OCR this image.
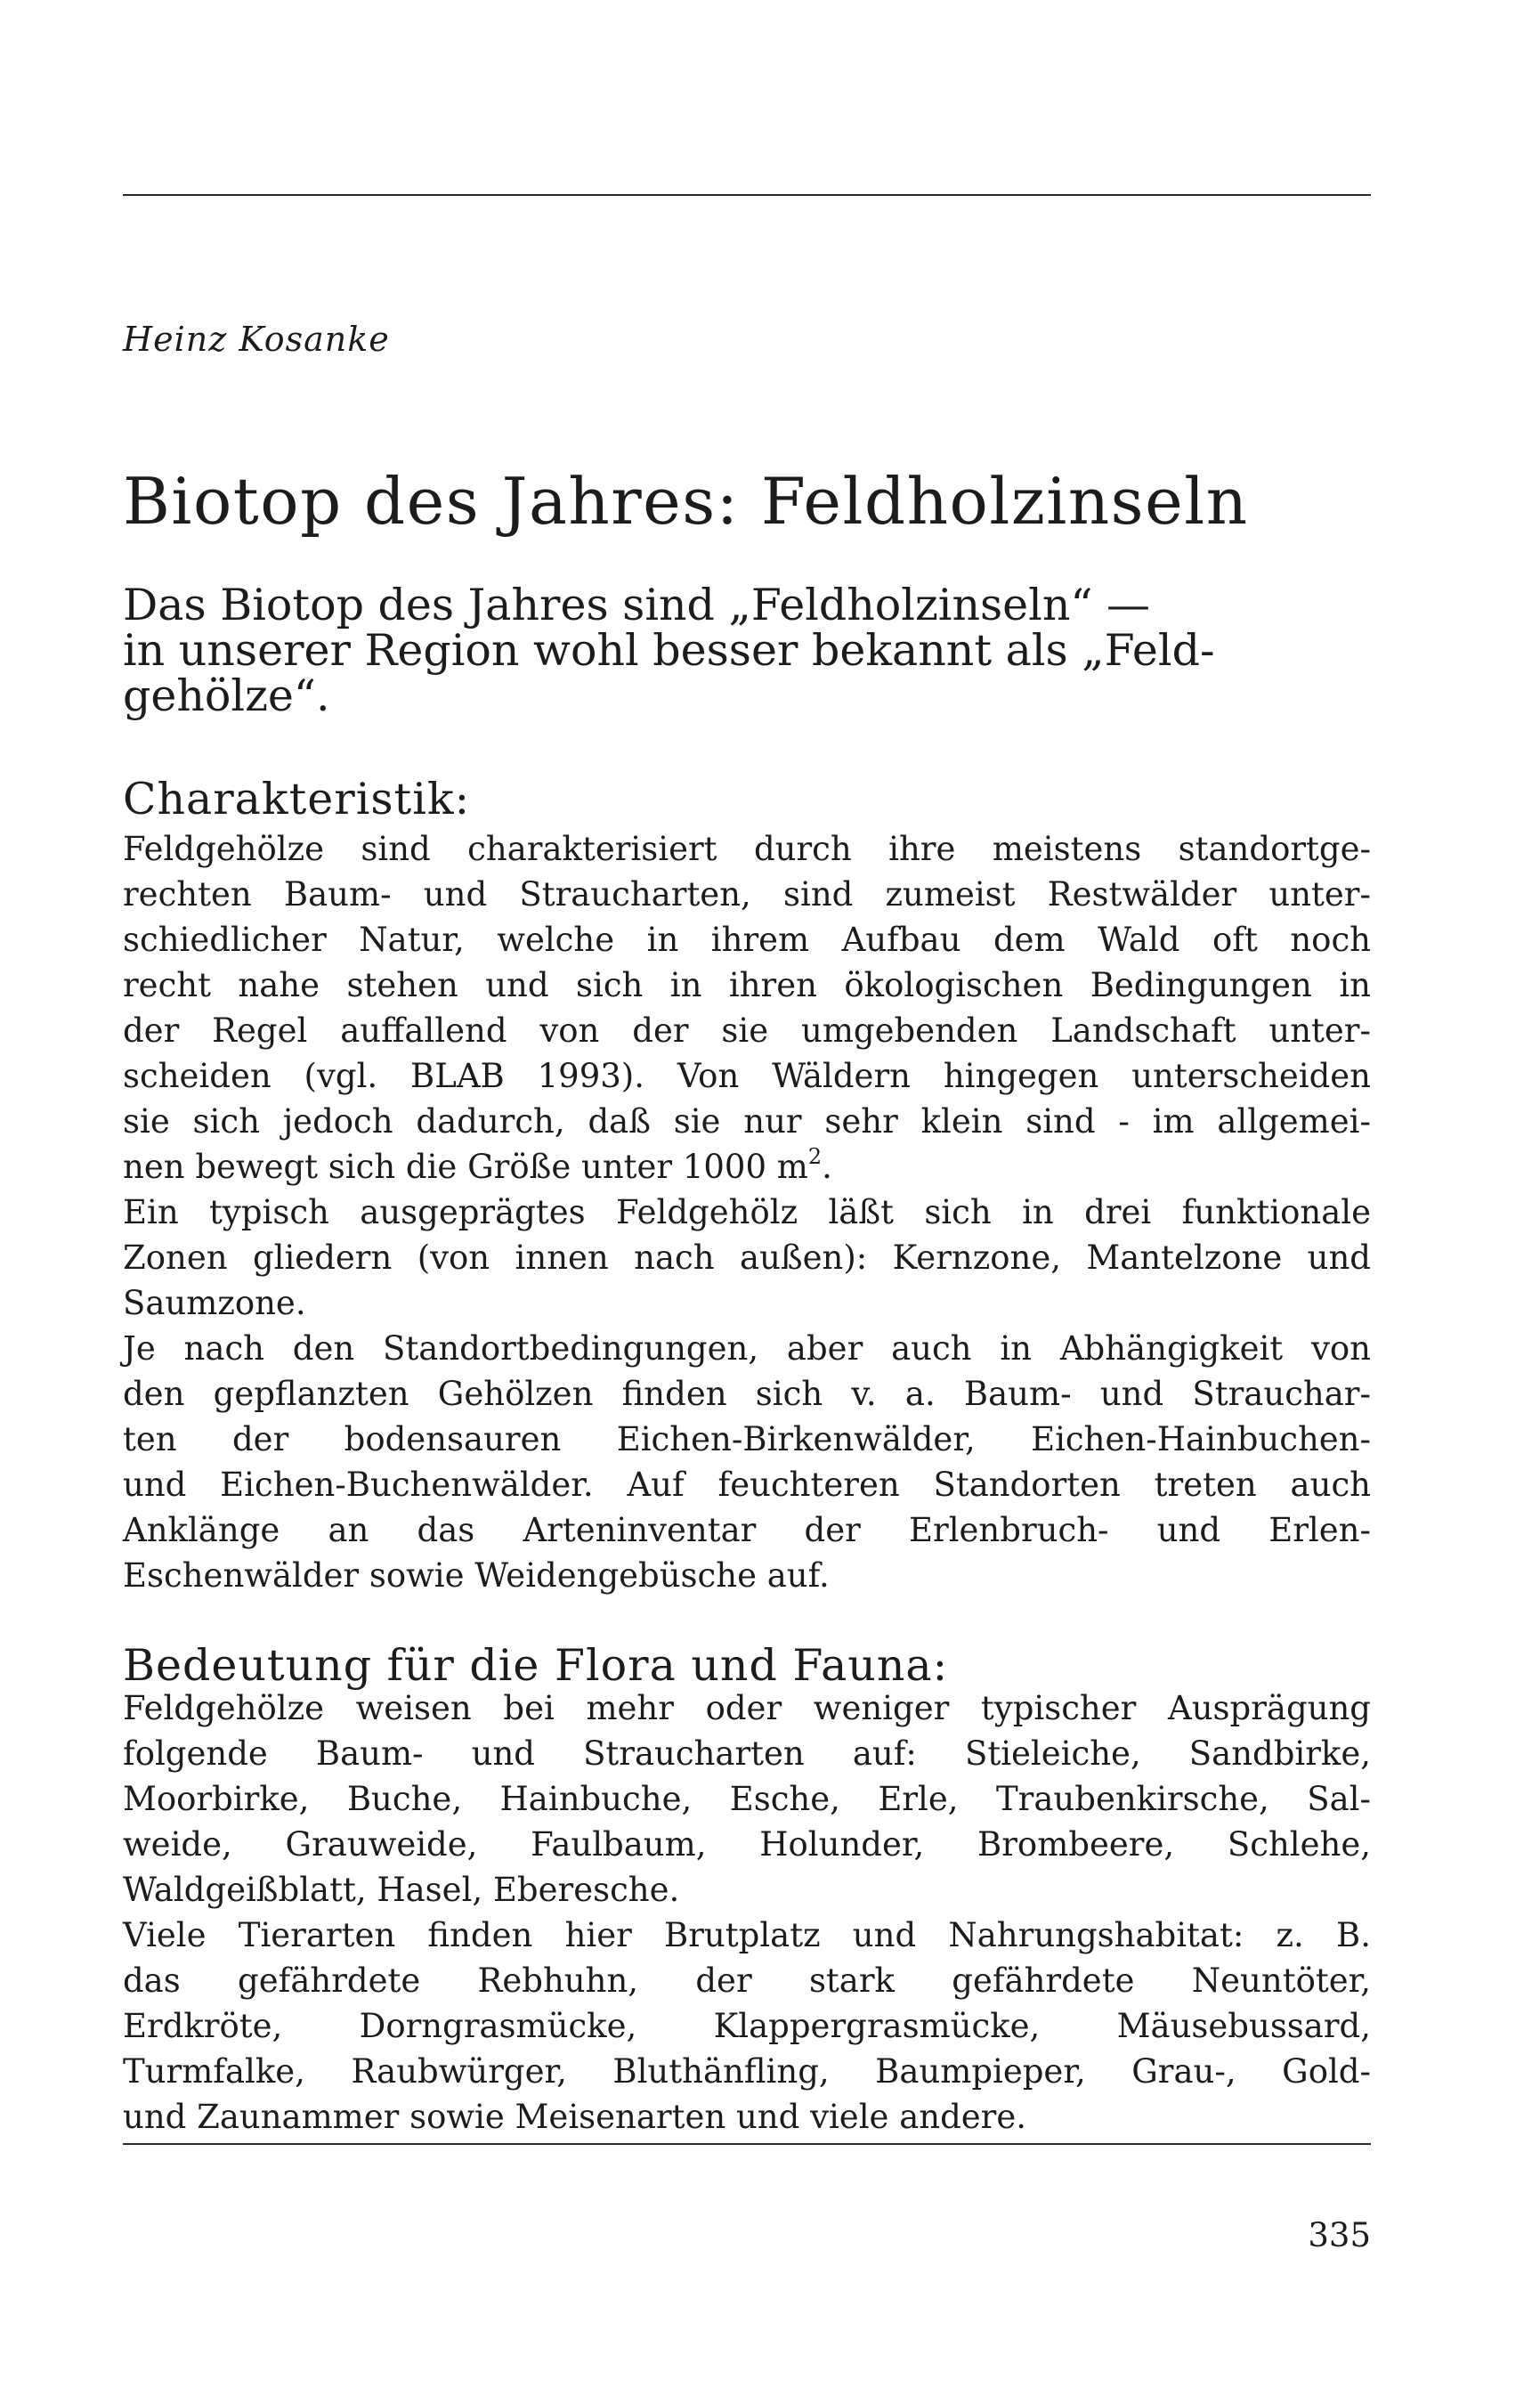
Heinz Kosanke
Biotop des Jahres: Feldholzinseln
Das Biotop des Jahres sind „Feldholzinseln“ —
in unserer Region wohl besser bekannt als „Feld-
gehölze“.
Charakteristik:
Feldgehölze sind charakterisiert durch ihre meistens standortge-
rechten Baum- und Straucharten, sind zumeist Restwälder unter-
schiedlicher Natur, welche in ihrem Aufbau dem Wald oft noch
recht nahe stehen und sich in ihren ökologischen Bedingungen in
der Regel auffallend von der sie umgebenden Landschaft unter-
scheiden (vgl. BLAB 1993). Von Wäldern hingegen unterscheiden
sie sich jedoch dadurch, daß sie nur sehr klein sind - im allgemei-
nen bewegt sich die Größe unter 1000 $m^2$.
Ein typisch ausgeprägtes Feldgehölz läßt sich in drei funktionale
Zonen gliedern (von innen nach außen): Kernzone, Mantelzone und
Saumzone.
Je nach den Standortbedingungen, aber auch in Abhängigkeit von
den gepflanzten Gehölzen finden sich v. a. Baum- und Strauchar-
ten der bodensauren Eichen-Birkenwälder, Eichen-Hainbuchen-
und Eichen-Buchenwälder. Auf feuchteren Standorten treten auch
Anklänge an das Arteninventar der Erlenbruch- und Erlen-
Eschenwälder sowie Weidengebüsche auf.
Bedeutung für die Flora und Fauna:
Feldgehölze weisen bei mehr oder weniger typischer Ausprägung
folgende Baum- und Straucharten auf: Stieleiche, Sandbirke,
Moorbirke, Buche, Hainbuche, Esche, Erle, Traubenkirsche, Sal-
weide, Grauweide, Faulbaum, Holunder, Brombeere, Schlehe,
Waldgeißblatt, Hasel, Eberesche.
Viele Tierarten finden hier Brutplatz und Nahrungshabitat: z. B.
das gefährdete Rebhuhn, der stark gefährdete Neuntöter,
Erdkröte, Dorngrasmücke, Klappergrasmücke, Mäusebussard,
Turmfalke, Raubwürger, Bluthänfling, Baumpieper, Grau-, Gold-
und Zaunammer sowie Meisenarten und viele andere.
335
